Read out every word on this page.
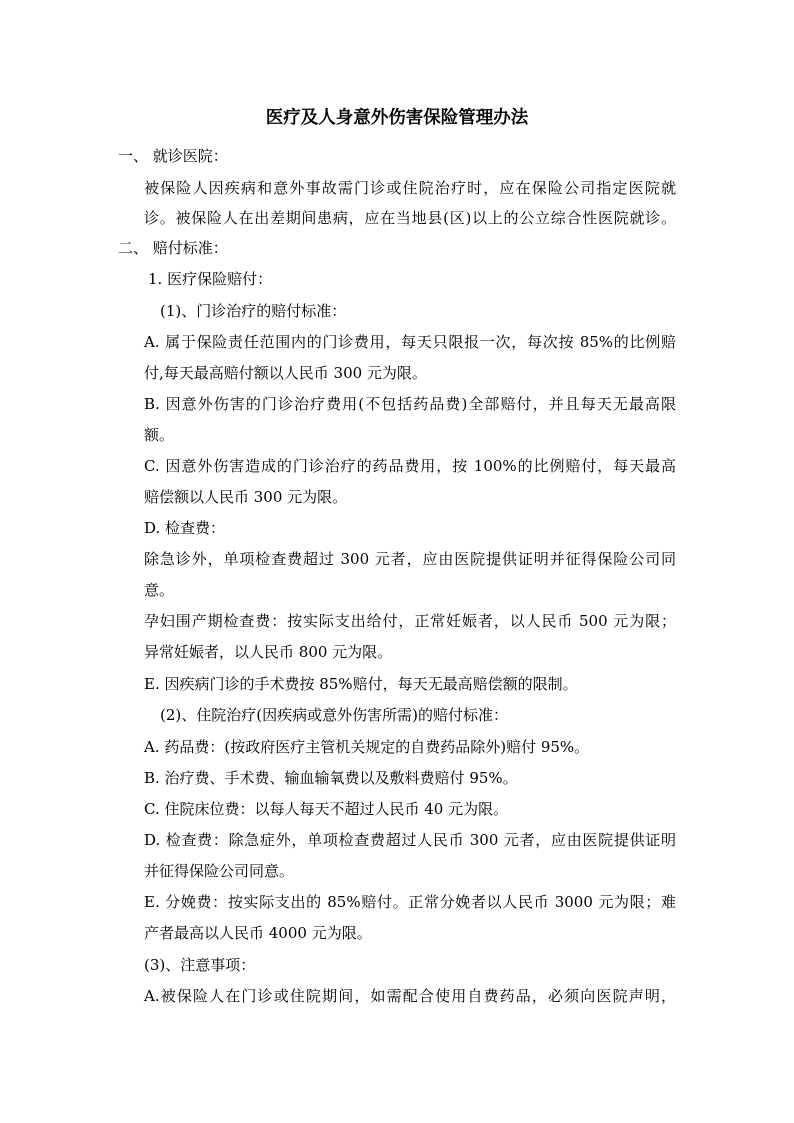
医疗及人身意外伤害保险管理办法
一、 就诊医院：
被保险人因疾病和意外事故需门诊或住院治疗时，应在保险公司指定医院就
诊。被保险人在出差期间患病，应在当地县(区)以上的公立综合性医院就诊。
二、 赔付标准：
1. 医疗保险赔付：
(1)、门诊治疗的赔付标准：
A. 属于保险责任范围内的门诊费用，每天只限报一次，每次按 85%的比例赔
付,每天最高赔付额以人民币 300 元为限。
B. 因意外伤害的门诊治疗费用(不包括药品费)全部赔付，并且每天无最高限
额。
C. 因意外伤害造成的门诊治疗的药品费用，按 100%的比例赔付，每天最高
赔偿额以人民币 300 元为限。
D. 检查费：
除急诊外，单项检查费超过 300 元者，应由医院提供证明并征得保险公司同
意。
孕妇围产期检查费：按实际支出给付，正常妊娠者，以人民币 500 元为限；
异常妊娠者，以人民币 800 元为限。
E. 因疾病门诊的手术费按 85%赔付，每天无最高赔偿额的限制。
(2)、住院治疗(因疾病或意外伤害所需)的赔付标准：
A. 药品费：(按政府医疗主管机关规定的自费药品除外)赔付 95%。
B. 治疗费、手术费、输血输氧费以及敷料费赔付 95%。
C. 住院床位费：以每人每天不超过人民币 40 元为限。
D. 检查费：除急症外，单项检查费超过人民币 300 元者，应由医院提供证明
并征得保险公司同意。
E. 分娩费：按实际支出的 85%赔付。正常分娩者以人民币 3000 元为限；难
产者最高以人民币 4000 元为限。
(3)、注意事项：
A.被保险人在门诊或住院期间，如需配合使用自费药品，必须向医院声明，
